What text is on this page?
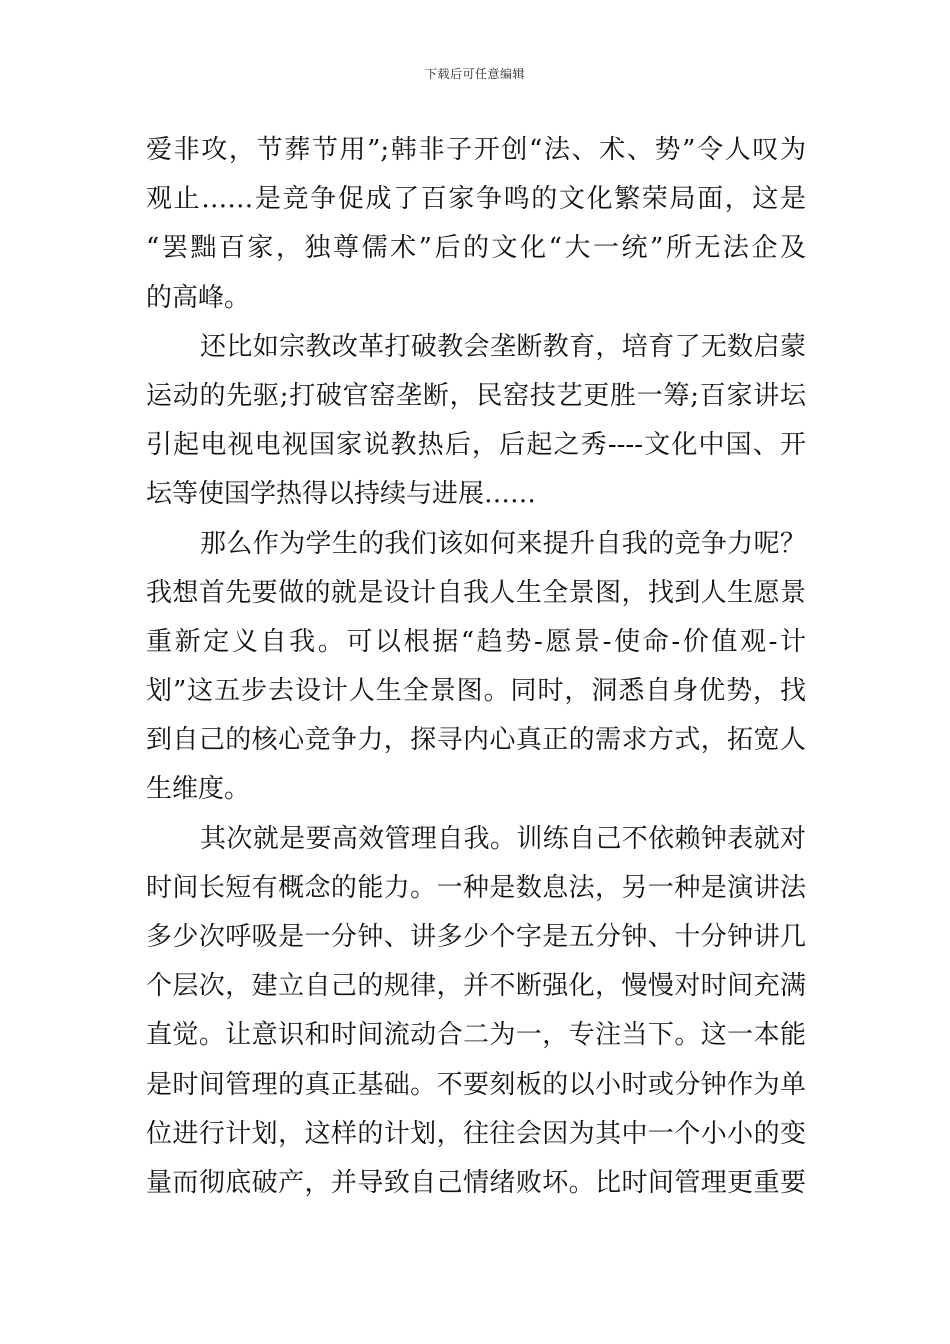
下载后可任意编辑
爱非攻，节葬节用”;韩非子开创“法、术、势”令人叹为
观止……是竞争促成了百家争鸣的文化繁荣局面，这是
“罢黜百家，独尊儒术”后的文化“大一统”所无法企及
的高峰。
还比如宗教改革打破教会垄断教育，培育了无数启蒙
运动的先驱;打破官窑垄断，民窑技艺更胜一筹;百家讲坛
引起电视电视国家说教热后，后起之秀----文化中国、开
坛等使国学热得以持续与进展……
那么作为学生的我们该如何来提升自我的竞争力呢？
我想首先要做的就是设计自我人生全景图，找到人生愿景
重新定义自我。可以根据“趋势-愿景-使命-价值观-计
划”这五步去设计人生全景图。同时，洞悉自身优势，找
到自己的核心竞争力，探寻内心真正的需求方式，拓宽人
生维度。
其次就是要高效管理自我。训练自己不依赖钟表就对
时间长短有概念的能力。一种是数息法，另一种是演讲法
多少次呼吸是一分钟、讲多少个字是五分钟、十分钟讲几
个层次，建立自己的规律，并不断强化，慢慢对时间充满
直觉。让意识和时间流动合二为一，专注当下。这一本能
是时间管理的真正基础。不要刻板的以小时或分钟作为单
位进行计划，这样的计划，往往会因为其中一个小小的变
量而彻底破产，并导致自己情绪败坏。比时间管理更重要
